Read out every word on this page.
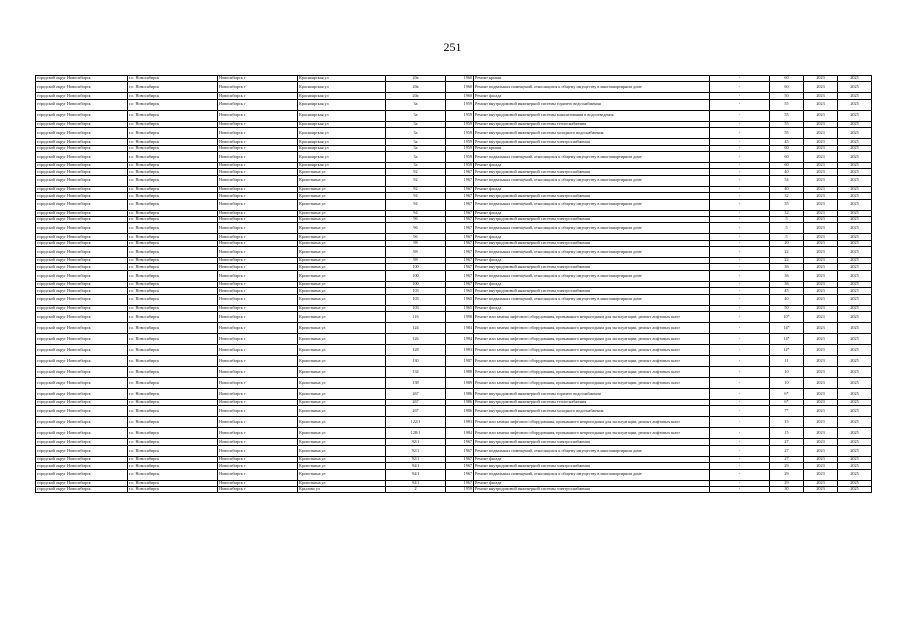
251
городской округ Новосибирск	г.о. Новосибирск	Новосибирск г	Красноярская ул	20а	1960	Ремонт крыши	-	60	2023	2025
городской округ Новосибирск	г.о. Новосибирск	Новосибирск г	Красноярская ул	20а	1960	Ремонт подвальных помещений, относящихся к общему имуществу в многоквартирном доме	-	60	2023	2025
городской округ Новосибирск	г.о. Новосибирск	Новосибирск г	Красноярская ул	20а	1960	Ремонт фасада	-	50	2023	2025
городской округ Новосибирск	г.о. Новосибирск	Новосибирск г	Красноярская ул	3а	1959	Ремонт внутридомовой инженерной системы горячего водоснабжения	-	55	2023	2025
городской округ Новосибирск	г.о. Новосибирск	Новосибирск г	Красноярская ул	3а	1959	Ремонт внутридомовой инженерной системы канализования и водоотведения	-	55	2023	2025
городской округ Новосибирск	г.о. Новосибирск	Новосибирск г	Красноярская ул	3а	1959	Ремонт внутридомовой инженерной системы теплоснабжения	-	55	2023	2025
городской округ Новосибирск	г.о. Новосибирск	Новосибирск г	Красноярская ул	3а	1959	Ремонт внутридомовой инженерной системы холодного водоснабжения	-	55	2023	2025
городской округ Новосибирск	г.о. Новосибирск	Новосибирск г	Красноярская ул	3а	1959	Ремонт внутридомовой инженерной системы электроснабжения	-	45	2023	2025
городской округ Новосибирск	г.о. Новосибирск	Новосибирск г	Красноярская ул	3а	1959	Ремонт крыши	-	60	2023	2025
городской округ Новосибирск	г.о. Новосибирск	Новосибирск г	Красноярская ул	3а	1959	Ремонт подвальных помещений, относящихся к общему имуществу в многоквартирном доме	-	60	2023	2025
городской округ Новосибирск	г.о. Новосибирск	Новосибирск г	Красноярская ул	3а	1959	Ремонт фасада	-	60	2023	2025
городской округ Новосибирск	г.о. Новосибирск	Новосибирск г	Кропоткина ул	92	1967	Ремонт внутридомовой инженерной системы электроснабжения	-	40	2023	2025
городской округ Новосибирск	г.о. Новосибирск	Новосибирск г	Кропоткина ул	92	1967	Ремонт подвальных помещений, относящихся к общему имуществу в многоквартирном доме	-	54	2023	2025
городской округ Новосибирск	г.о. Новосибирск	Новосибирск г	Кропоткина ул	92	1967	Ремонт фасада	-	40	2023	2025
городской округ Новосибирск	г.о. Новосибирск	Новосибирск г	Кропоткина ул	94	1967	Ремонт внутридомовой инженерной системы электроснабжения	-	32	2023	2025
городской округ Новосибирск	г.о. Новосибирск	Новосибирск г	Кропоткина ул	94	1967	Ремонт подвальных помещений, относящихся к общему имуществу в многоквартирном доме	-	35	2023	2025
городской округ Новосибирск	г.о. Новосибирск	Новосибирск г	Кропоткина ул	94	1967	Ремонт фасада	-	32	2023	2025
городской округ Новосибирск	г.о. Новосибирск	Новосибирск г	Кропоткина ул	96	1967	Ремонт внутридомовой инженерной системы электроснабжения	-	5	2023	2025
городской округ Новосибирск	г.о. Новосибирск	Новосибирск г	Кропоткина ул	96	1967	Ремонт подвальных помещений, относящихся к общему имуществу в многоквартирном доме	-	5	2023	2025
городской округ Новосибирск	г.о. Новосибирск	Новосибирск г	Кропоткина ул	96	1967	Ремонт фасада	-	5	2023	2025
городской округ Новосибирск	г.о. Новосибирск	Новосибирск г	Кропоткина ул	98	1967	Ремонт внутридомовой инженерной системы электроснабжения	-	20	2023	2025
городской округ Новосибирск	г.о. Новосибирск	Новосибирск г	Кропоткина ул	98	1967	Ремонт подвальных помещений, относящихся к общему имуществу в многоквартирном доме	-	22	2023	2025
городской округ Новосибирск	г.о. Новосибирск	Новосибирск г	Кропоткина ул	98	1967	Ремонт фасада	-	22	2023	2025
городской округ Новосибирск	г.о. Новосибирск	Новосибирск г	Кропоткина ул	100	1967	Ремонт внутридомовой инженерной системы электроснабжения	-	36	2023	2025
городской округ Новосибирск	г.о. Новосибирск	Новосибирск г	Кропоткина ул	100	1967	Ремонт подвальных помещений, относящихся к общему имуществу в многоквартирном доме	-	36	2023	2025
городской округ Новосибирск	г.о. Новосибирск	Новосибирск г	Кропоткина ул	100	1967	Ремонт фасада	-	36	2023	2025
городской округ Новосибирск	г.о. Новосибирск	Новосибирск г	Кропоткина ул	103	1965	Ремонт внутридомовой инженерной системы электроснабжения	-	45	2023	2025
городской округ Новосибирск	г.о. Новосибирск	Новосибирск г	Кропоткина ул	103	1965	Ремонт подвальных помещений, относящихся к общему имуществу в многоквартирном доме	-	40	2023	2025
городской округ Новосибирск	г.о. Новосибирск	Новосибирск г	Кропоткина ул	103	1965	Ремонт фасада	-	50	2023	2025
городской округ Новосибирск	г.о. Новосибирск	Новосибирск г	Кропоткина ул	116	1990	Ремонт или замена лифтового оборудования, признанного непригодным для эксплуатации, ремонт лифтовых шахт	-	10*	2023	2025
городской округ Новосибирск	г.о. Новосибирск	Новосибирск г	Кропоткина ул	124	1984	Ремонт или замена лифтового оборудования, признанного непригодным для эксплуатации, ремонт лифтовых шахт	-	14*	2023	2025
городской округ Новосибирск	г.о. Новосибирск	Новосибирск г	Кропоткина ул	126	1984	Ремонт или замена лифтового оборудования, признанного непригодным для эксплуатации, ремонт лифтовых шахт	-	14*	2023	2025
городской округ Новосибирск	г.о. Новосибирск	Новосибирск г	Кропоткина ул	128	1983	Ремонт или замена лифтового оборудования, признанного непригодным для эксплуатации, ремонт лифтовых шахт	-	12*	2023	2025
городской округ Новосибирск	г.о. Новосибирск	Новосибирск г	Кропоткина ул	130	1987	Ремонт или замена лифтового оборудования, признанного непригодным для эксплуатации, ремонт лифтовых шахт	-	11	2023	2025
городской округ Новосибирск	г.о. Новосибирск	Новосибирск г	Кропоткина ул	134	1988	Ремонт или замена лифтового оборудования, признанного непригодным для эксплуатации, ремонт лифтовых шахт	-	10	2023	2025
городской округ Новосибирск	г.о. Новосибирск	Новосибирск г	Кропоткина ул	138	1989	Ремонт или замена лифтового оборудования, признанного непригодным для эксплуатации, ремонт лифтовых шахт	-	10	2023	2025
городской округ Новосибирск	г.о. Новосибирск	Новосибирск г	Кропоткина ул	267	1986	Ремонт внутридомовой инженерной системы горячего водоснабжения	-	6*	2023	2025
городской округ Новосибирск	г.о. Новосибирск	Новосибирск г	Кропоткина ул	267	1986	Ремонт внутридомовой инженерной системы теплоснабжения	-	6*	2023	2025
городской округ Новосибирск	г.о. Новосибирск	Новосибирск г	Кропоткина ул	267	1986	Ремонт внутридомовой инженерной системы холодного водоснабжения	-	7*	2023	2025
городской округ Новосибирск	г.о. Новосибирск	Новосибирск г	Кропоткина ул	122/1	1983	Ремонт или замена лифтового оборудования, признанного непригодным для эксплуатации, ремонт лифтовых шахт	-	15	2023	2025
городской округ Новосибирск	г.о. Новосибирск	Новосибирск г	Кропоткина ул	128/1	1984	Ремонт или замена лифтового оборудования, признанного непригодным для эксплуатации, ремонт лифтовых шахт	-	15	2023	2025
городской округ Новосибирск	г.о. Новосибирск	Новосибирск г	Кропоткина ул	92/1	1967	Ремонт внутридомовой инженерной системы электроснабжения	-	27	2023	2025
городской округ Новосибирск	г.о. Новосибирск	Новосибирск г	Кропоткина ул	92/1	1967	Ремонт подвальных помещений, относящихся к общему имуществу в многоквартирном доме	-	27	2023	2025
городской округ Новосибирск	г.о. Новосибирск	Новосибирск г	Кропоткина ул	92/1	1967	Ремонт фасада	-	27	2023	2025
городской округ Новосибирск	г.о. Новосибирск	Новосибирск г	Кропоткина ул	94/1	1967	Ремонт внутридомовой инженерной системы электроснабжения	-	29	2023	2025
городской округ Новосибирск	г.о. Новосибирск	Новосибирск г	Кропоткина ул	94/1	1967	Ремонт подвальных помещений, относящихся к общему имуществу в многоквартирном доме	-	29	2023	2025
городской округ Новосибирск	г.о. Новосибирск	Новосибирск г	Кропоткина ул	94/1	1967	Ремонт фасада	-	29	2023	2025
городской округ Новосибирск	г.о. Новосибирск	Новосибирск г	Крылова ул	2	1959	Ремонт внутридомовой инженерной системы электроснабжения	-	30	2023	2025
